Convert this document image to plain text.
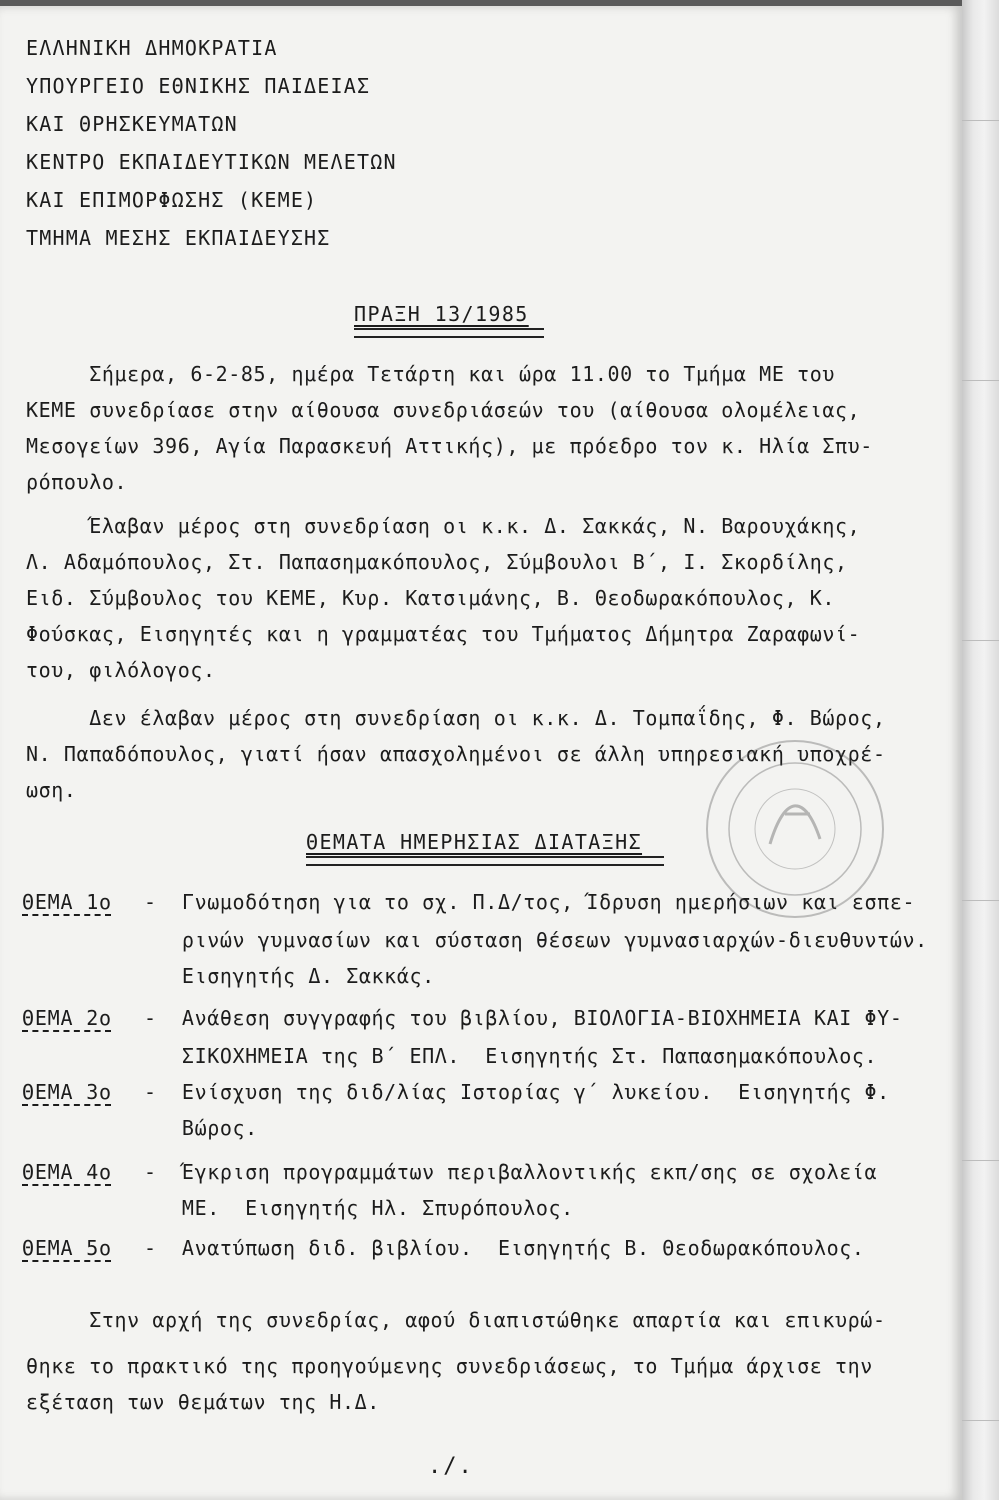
ΕΛΛΗΝΙΚΗ ΔΗΜΟΚΡΑΤΙΑ
ΥΠΟΥΡΓΕΙΟ ΕΘΝΙΚΗΣ ΠΑΙΔΕΙΑΣ
ΚΑΙ ΘΡΗΣΚΕΥΜΑΤΩΝ
ΚΕΝΤΡΟ ΕΚΠΑΙΔΕΥΤΙΚΩΝ ΜΕΛΕΤΩΝ
ΚΑΙ ΕΠΙΜΟΡΦΩΣΗΣ (ΚΕΜΕ)
ΤΜΗΜΑ ΜΕΣΗΣ ΕΚΠΑΙΔΕΥΣΗΣ
ΠΡΑΞΗ 13/1985
Σήμερα, 6-2-85, ημέρα Τετάρτη και ώρα 11.00 το Τμήμα ΜΕ του
ΚΕΜΕ συνεδρίασε στην αίθουσα συνεδριάσεών του (αίθουσα ολομέλειας,
Μεσογείων 396, Αγία Παρασκευή Αττικής), με πρόεδρο τον κ. Ηλία Σπυ-
ρόπουλο.
Έλαβαν μέρος στη συνεδρίαση οι κ.κ. Δ. Σακκάς, Ν. Βαρουχάκης,
Λ. Αδαμόπουλος, Στ. Παπασημακόπουλος, Σύμβουλοι Β΄, Ι. Σκορδίλης,
Ειδ. Σύμβουλος του ΚΕΜΕ, Κυρ. Κατσιμάνης, Β. Θεοδωρακόπουλος, Κ.
Φούσκας, Εισηγητές και η γραμματέας του Τμήματος Δήμητρα Ζαραφωνί-
του, φιλόλογος.
Δεν έλαβαν μέρος στη συνεδρίαση οι κ.κ. Δ. Τομπαΐδης, Φ. Βώρος,
Ν. Παπαδόπουλος, γιατί ήσαν απασχολημένοι σε άλλη υπηρεσιακή υποχρέ-
ωση.
ΘΕΜΑΤΑ ΗΜΕΡΗΣΙΑΣ ΔΙΑΤΑΞΗΣ
ΘΕΜΑ 1ο -  Γνωμοδότηση για το σχ. Π.Δ/τος, Ίδρυση ημερήσιων και εσπε-
ρινών γυμνασίων και σύσταση θέσεων γυμνασιαρχών-διευθυντών.
Εισηγητής Δ. Σακκάς.
ΘΕΜΑ 2ο -  Ανάθεση συγγραφής του βιβλίου, ΒΙΟΛΟΓΙΑ-ΒΙΟΧΗΜΕΙΑ ΚΑΙ ΦΥ-
ΣΙΚΟΧΗΜΕΙΑ της Β΄ ΕΠΛ.  Εισηγητής Στ. Παπασημακόπουλος.
ΘΕΜΑ 3ο -  Ενίσχυση της διδ/λίας Ιστορίας γ΄ λυκείου.  Εισηγητής Φ.
Βώρος.
ΘΕΜΑ 4ο -  Έγκριση προγραμμάτων περιβαλλοντικής εκπ/σης σε σχολεία
ΜΕ.  Εισηγητής Ηλ. Σπυρόπουλος.
ΘΕΜΑ 5ο -  Ανατύπωση διδ. βιβλίου.  Εισηγητής Β. Θεοδωρακόπουλος.
Στην αρχή της συνεδρίας, αφού διαπιστώθηκε απαρτία και επικυρώ-
θηκε το πρακτικό της προηγούμενης συνεδριάσεως, το Τμήμα άρχισε την
εξέταση των θεμάτων της Η.Δ.
./.
